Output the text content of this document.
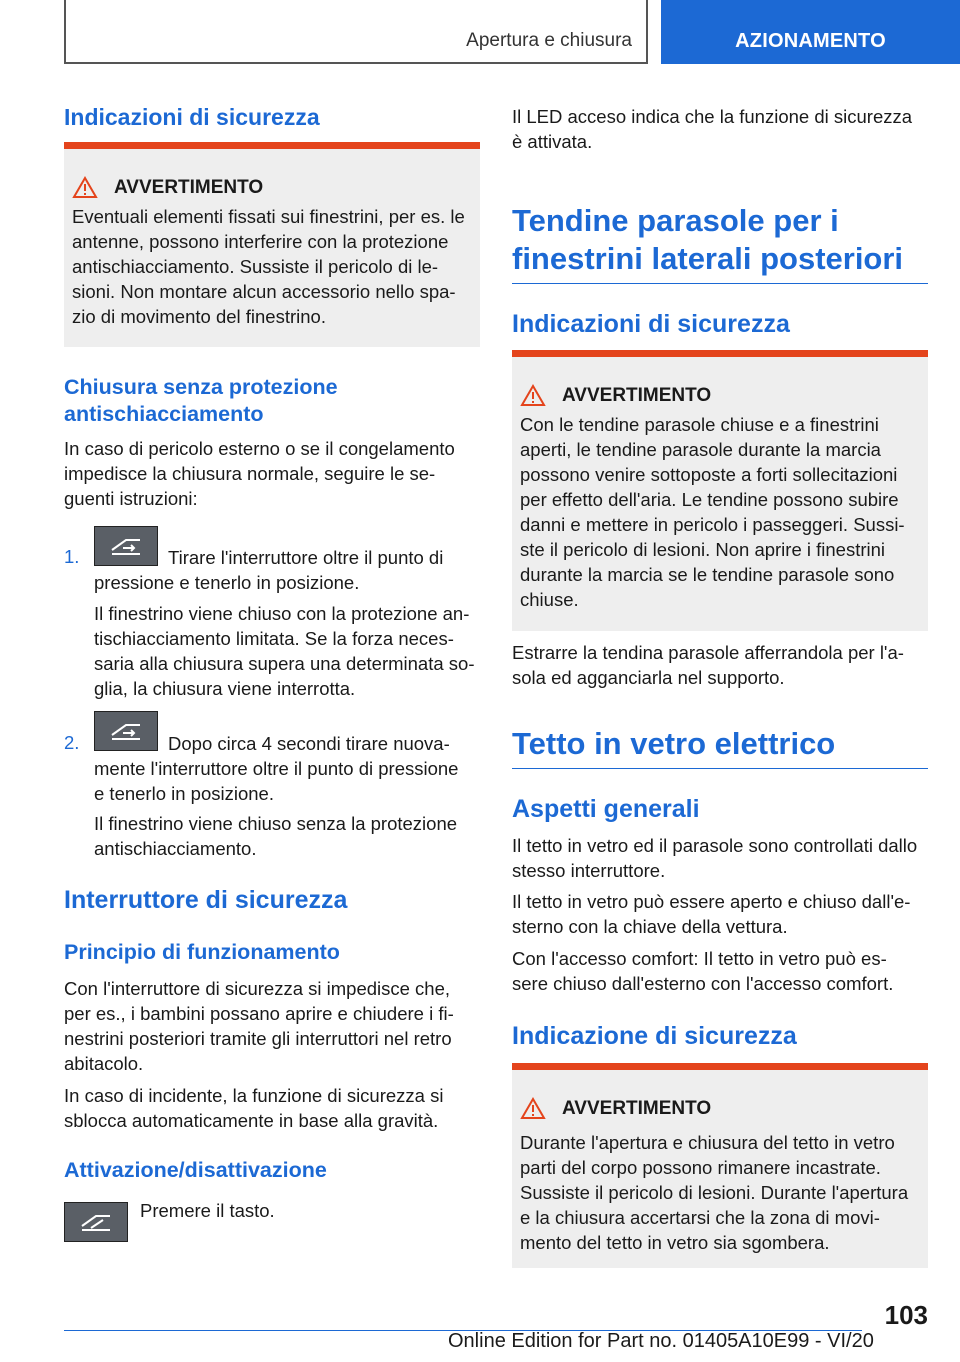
Apertura e chiusura	AZIONAMENTO
Indicazioni di sicurezza
AVVERTIMENTO
Eventuali elementi fissati sui finestrini, per es. le
antenne, possono interferire con la protezione
antischiacciamento. Sussiste il pericolo di le-
sioni. Non montare alcun accessorio nello spa-
zio di movimento del finestrino.
Chiusura senza protezione
antischiacciamento
In caso di pericolo esterno o se il congelamento
impedisce la chiusura normale, seguire le se-
guenti istruzioni:
1.	Tirare l'interruttore oltre il punto di
pressione e tenerlo in posizione.
Il finestrino viene chiuso con la protezione an-
tischiacciamento limitata. Se la forza neces-
saria alla chiusura supera una determinata so-
glia, la chiusura viene interrotta.
2.	Dopo circa 4 secondi tirare nuova-
mente l'interruttore oltre il punto di pressione
e tenerlo in posizione.
Il finestrino viene chiuso senza la protezione
antischiacciamento.
Interruttore di sicurezza
Principio di funzionamento
Con l'interruttore di sicurezza si impedisce che,
per es., i bambini possano aprire e chiudere i fi-
nestrini posteriori tramite gli interruttori nel retro
abitacolo.
In caso di incidente, la funzione di sicurezza si
sblocca automaticamente in base alla gravità.
Attivazione/disattivazione
Premere il tasto.
Il LED acceso indica che la funzione di sicurezza
è attivata.
Tendine parasole per i
finestrini laterali posteriori
Indicazioni di sicurezza
AVVERTIMENTO
Con le tendine parasole chiuse e a finestrini
aperti, le tendine parasole durante la marcia
possono venire sottoposte a forti sollecitazioni
per effetto dell'aria. Le tendine possono subire
danni e mettere in pericolo i passeggeri. Sussi-
ste il pericolo di lesioni. Non aprire i finestrini
durante la marcia se le tendine parasole sono
chiuse.
Estrarre la tendina parasole afferrandola per l'a-
sola ed agganciarla nel supporto.
Tetto in vetro elettrico
Aspetti generali
Il tetto in vetro ed il parasole sono controllati dallo
stesso interruttore.
Il tetto in vetro può essere aperto e chiuso dall'e-
sterno con la chiave della vettura.
Con l'accesso comfort: Il tetto in vetro può es-
sere chiuso dall'esterno con l'accesso comfort.
Indicazione di sicurezza
AVVERTIMENTO
Durante l'apertura e chiusura del tetto in vetro
parti del corpo possono rimanere incastrate.
Sussiste il pericolo di lesioni. Durante l'apertura
e la chiusura accertarsi che la zona di movi-
mento del tetto in vetro sia sgombera.
103
Online Edition for Part no. 01405A10E99 - VI/20
